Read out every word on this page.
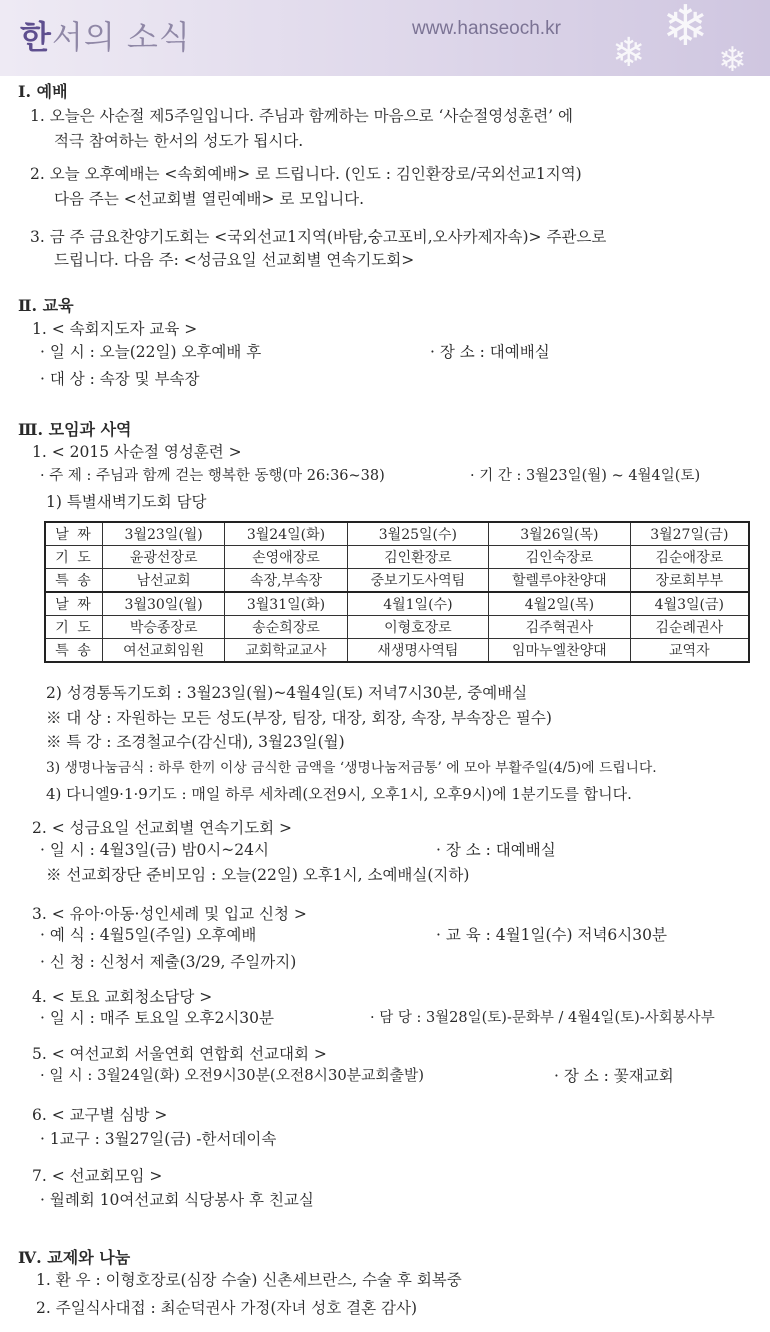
한서의 소식	www.hanseoch.kr ❄
❄ ❄
Ⅰ. 예배
1. 오늘은 사순절 제5주일입니다. 주님과 함께하는 마음으로 ‘사순절영성훈련’ 에
적극 참여하는 한서의 성도가 됩시다.
2. 오늘 오후예배는 <속회예배> 로 드립니다. (인도 : 김인환장로/국외선교1지역)
다음 주는 <선교회별 열린예배> 로 모입니다.
3. 금 주 금요찬양기도회는 <국외선교1지역(바탐,숭고포비,오사카제자속)> 주관으로
드립니다. 다음 주: <성금요일 선교회별 연속기도회>
Ⅱ. 교육
1. < 속회지도자 교육 >
· 일 시 : 오늘(22일) 오후예배 후	· 장 소 : 대예배실
· 대 상 : 속장 및 부속장
Ⅲ. 모임과 사역
1. < 2015 사순절 영성훈련 >
· 주 제 : 주님과 함께 걷는 행복한 동행(마 26:36~38)	· 기 간 : 3월23일(월) ~ 4월4일(토)
1) 특별새벽기도회 담당
날 짜	3월23일(월)	3월24일(화)	3월25일(수)	3월26일(목)	3월27일(금)
기 도	윤광선장로	손영애장로	김인환장로	김인숙장로	김순애장로
특 송	남선교회	속장,부속장	중보기도사역팀	할렐루야찬양대	장로회부부
날 짜	3월30일(월)	3월31일(화)	4월1일(수)	4월2일(목)	4월3일(금)
기 도	박승종장로	송순희장로	이형호장로	김주혁권사	김순례권사
특 송	여선교회임원	교회학교교사	새생명사역팀	임마누엘찬양대	교역자
2) 성경통독기도회 : 3월23일(월)~4월4일(토) 저녁7시30분, 중예배실
※ 대 상 : 자원하는 모든 성도(부장, 팀장, 대장, 회장, 속장, 부속장은 필수)
※ 특 강 : 조경철교수(감신대), 3월23일(월)
3) 생명나눔금식 : 하루 한끼 이상 금식한 금액을 ‘생명나눔저금통’ 에 모아 부활주일(4/5)에 드립니다.
4) 다니엘9·1·9기도 : 매일 하루 세차례(오전9시, 오후1시, 오후9시)에 1분기도를 합니다.
2. < 성금요일 선교회별 연속기도회 >
· 일 시 : 4월3일(금) 밤0시~24시	· 장 소 : 대예배실
※ 선교회장단 준비모임 : 오늘(22일) 오후1시, 소예배실(지하)
3. < 유아·아동·성인세례 및 입교 신청 >
· 예 식 : 4월5일(주일) 오후예배	· 교 육 : 4월1일(수) 저녁6시30분
· 신 청 : 신청서 제출(3/29, 주일까지)
4. < 토요 교회청소담당 >
· 일 시 : 매주 토요일 오후2시30분	· 담 당 : 3월28일(토)-문화부 / 4월4일(토)-사회봉사부
5. < 여선교회 서울연회 연합회 선교대회 >
· 일 시 : 3월24일(화) 오전9시30분(오전8시30분교회출발)	· 장 소 : 꽃재교회
6. < 교구별 심방 >
· 1교구 : 3월27일(금) -한서데이속
7. < 선교회모임 >
· 월례회 10여선교회 식당봉사 후 친교실
Ⅳ. 교제와 나눔
1. 환 우 : 이형호장로(심장 수술) 신촌세브란스, 수술 후 회복중
2. 주일식사대접 : 최순덕권사 가정(자녀 성호 결혼 감사)
